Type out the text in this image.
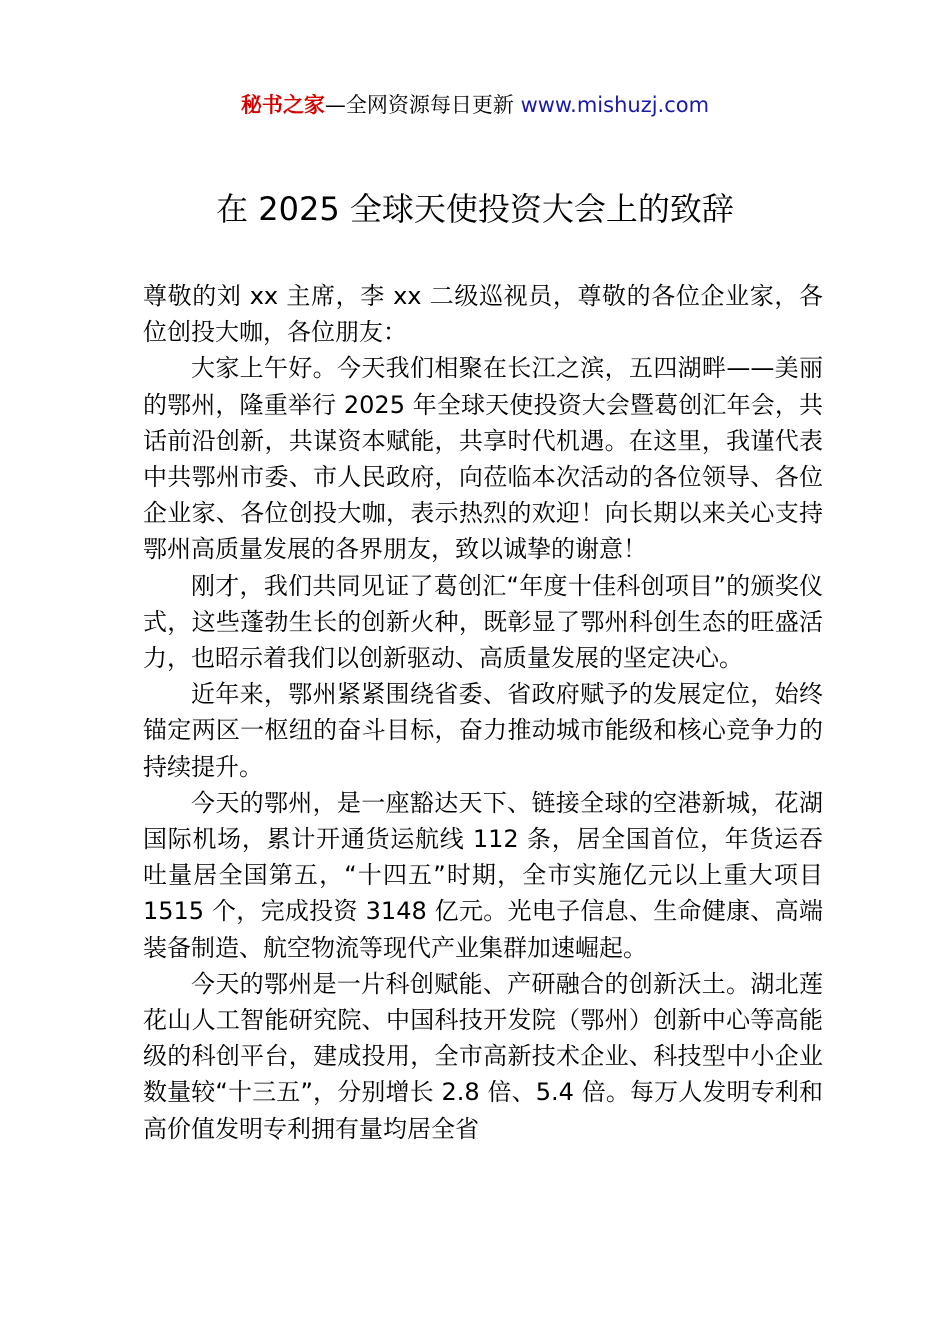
秘书之家—全网资源每日更新 www.mishuzj.com
在 2025 全球天使投资大会上的致辞

尊敬的刘 xx 主席，李 xx 二级巡视员，尊敬的各位企业家，各位创投大咖，各位朋友：

大家上午好。今天我们相聚在长江之滨，五四湖畔——美丽的鄂州，隆重举行 2025 年全球天使投资大会暨葛创汇年会，共话前沿创新，共谋资本赋能，共享时代机遇。在这里，我谨代表中共鄂州市委、市人民政府，向莅临本次活动的各位领导、各位企业家、各位创投大咖，表示热烈的欢迎！向长期以来关心支持鄂州高质量发展的各界朋友，致以诚挚的谢意！

刚才，我们共同见证了葛创汇“年度十佳科创项目”的颁奖仪式，这些蓬勃生长的创新火种，既彰显了鄂州科创生态的旺盛活力，也昭示着我们以创新驱动、高质量发展的坚定决心。

近年来，鄂州紧紧围绕省委、省政府赋予的发展定位，始终锚定两区一枢纽的奋斗目标，奋力推动城市能级和核心竞争力的持续提升。

今天的鄂州，是一座豁达天下、链接全球的空港新城，花湖国际机场，累计开通货运航线 112 条，居全国首位，年货运吞吐量居全国第五，“十四五”时期，全市实施亿元以上重大项目 1515 个，完成投资 3148 亿元。光电子信息、生命健康、高端装备制造、航空物流等现代产业集群加速崛起。

今天的鄂州是一片科创赋能、产研融合的创新沃土。湖北莲花山人工智能研究院、中国科技开发院（鄂州）创新中心等高能级的科创平台，建成投用，全市高新技术企业、科技型中小企业数量较“十三五”，分别增长 2.8 倍、5.4 倍。每万人发明专利和高价值发明专利拥有量均居全省
